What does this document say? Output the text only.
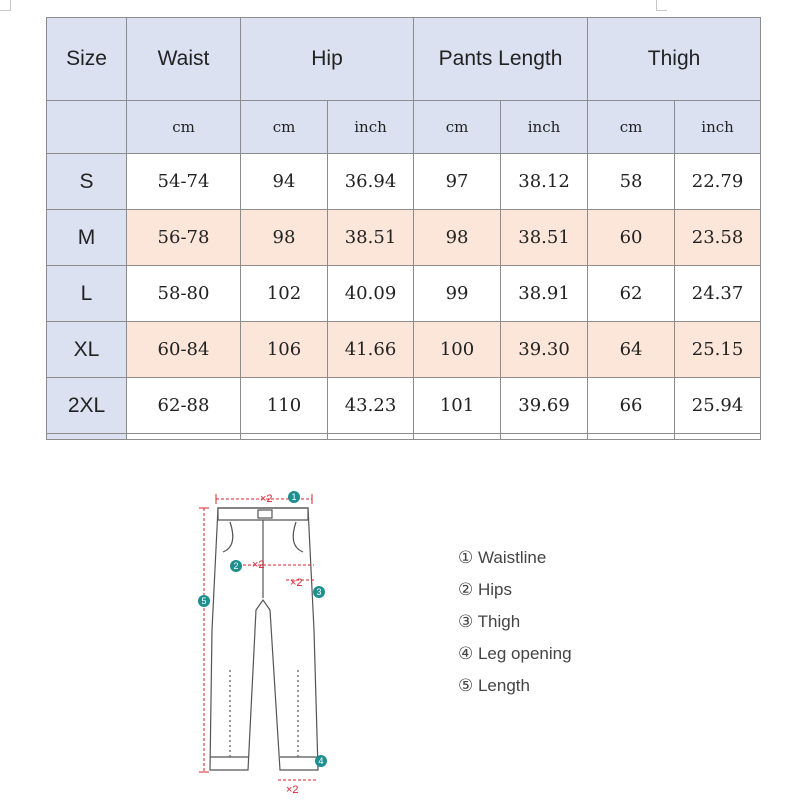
Size	Waist	Hip		Pants Length		Thigh	
	cm	cm	inch	cm	inch	cm	inch
S	54-74	94	36.94	97	38.12	58	22.79
M	56-78	98	38.51	98	38.51	60	23.58
L	58-80	102	40.09	99	38.91	62	24.37
XL	60-84	106	41.66	100	39.30	64	25.15
2XL	62-88	110	43.23	101	39.69	66	25.94

×2
×2
×2
×2
1
2
3
4
5
① Waistline
② Hips
③ Thigh
④ Leg opening
⑤ Length
